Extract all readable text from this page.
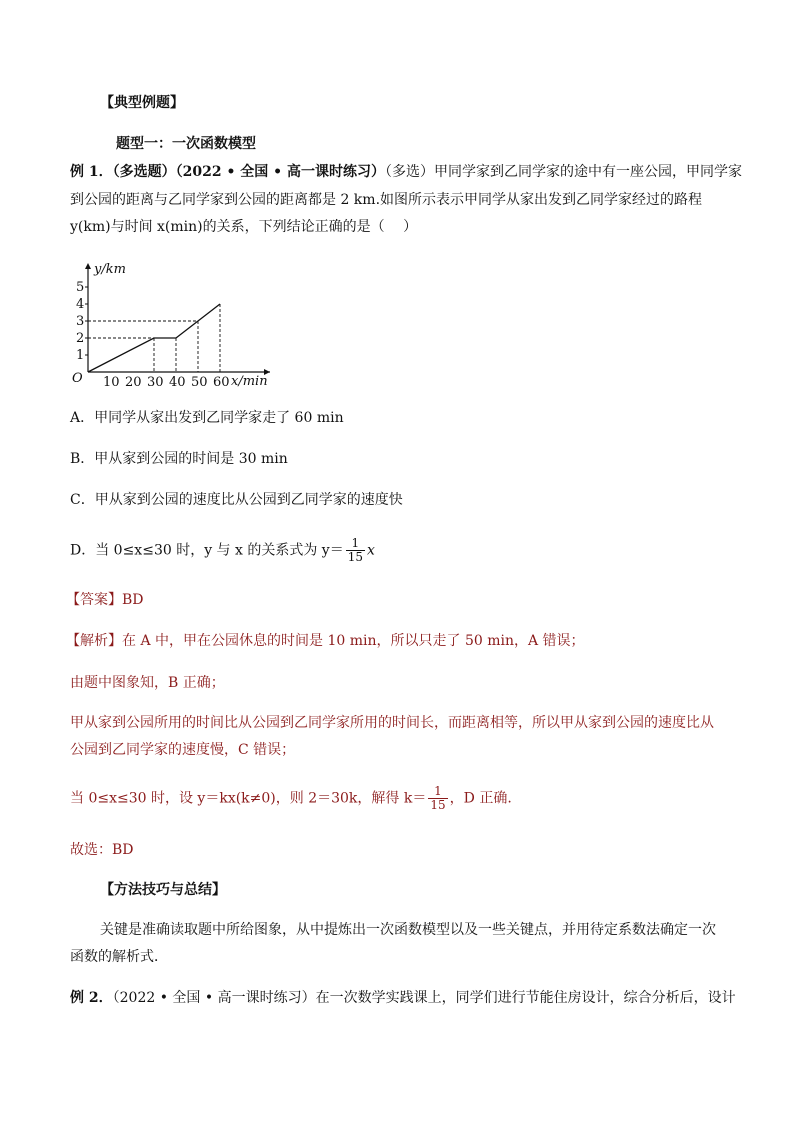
【典型例题】
题型一：一次函数模型
例 1．（多选题）（2022 • 全国 • 高一课时练习）（多选）甲同学家到乙同学家的途中有一座公园，甲同学家
到公园的距离与乙同学家到公园的距离都是 2 km.如图所示表示甲同学从家出发到乙同学家经过的路程
y(km)与时间 x(min)的关系，下列结论正确的是（　 ）
1
2
3
4
5
10 20 30 40 50 60
y/km
O	x/min
A．甲同学从家出发到乙同学家走了 60 min
B．甲从家到公园的时间是 30 min
C．甲从家到公园的速度比从公园到乙同学家的速度快
D．当 0≤x≤30 时，y 与 x 的关系式为 $y= \frac{1}{15}$ x
【答案】BD
【解析】在 A 中，甲在公园休息的时间是 10 min，所以只走了 50 min，A 错误；
由题中图象知，B 正确；
甲从家到公园所用的时间比从公园到乙同学家所用的时间长，而距离相等，所以甲从家到公园的速度比从
公园到乙同学家的速度慢，C 错误；
当 0≤x≤30 时，设 y＝kx(k≠0)，则 2＝30k，解得 $k= \frac{1}{15}$ ，D 正确.
故选：BD
【方法技巧与总结】
关键是准确读取题中所给图象，从中提炼出一次函数模型以及一些关键点，并用待定系数法确定一次
函数的解析式．
例 2．（2022 • 全国 • 高一课时练习）在一次数学实践课上，同学们进行节能住房设计，综合分析后，设计
